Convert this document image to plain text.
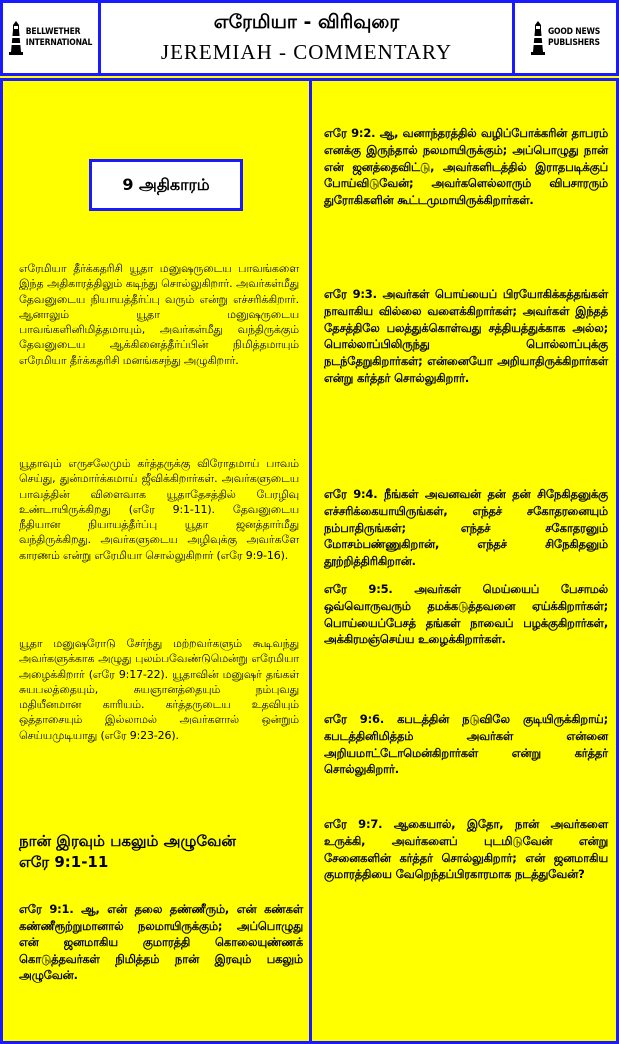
BELLWETHER
INTERNATIONAL
எரேமியா - விரிவுரை
JEREMIAH - COMMENTARY
GOOD NEWS
PUBLISHERS
9 அதிகாரம்
எரேமியா தீர்க்கதரிசி யூதா மனுஷருடைய பாவங்களை இந்த அதிகாரத்திலும் கடிந்து சொல்லுகிறார். அவர்கள்மீது தேவனுடைய நியாயத்தீர்ப்பு வரும் என்று எச்சரிக்கிறார். ஆனாலும் யூதா மனுஷருடைய பாவங்களினிமித்தமாயும், அவர்கள்மீது வந்திருக்கும் தேவனுடைய ஆக்கினைத்தீர்ப்பின் நிமித்தமாயும் எரேமியா தீர்க்கதரிசி மனங்கசந்து அழுகிறார்.
யூதாவும் எருசலேமும் கர்த்தருக்கு விரோதமாய் பாவம் செய்து, துன்மார்க்கமாய் ஜீவிக்கிறார்கள். அவர்களுடைய பாவத்தின் விளைவாக யூதாதேசத்தில் பேரழிவு உண்டாயிருக்கிறது (எரே 9:1-11). தேவனுடைய நீதியான நியாயத்தீர்ப்பு யூதா ஜனத்தார்மீது வந்திருக்கிறது. அவர்களுடைய அழிவுக்கு அவர்களே காரணம் என்று எரேமியா சொல்லுகிறார் (எரே 9:9-16).
யூதா மனுஷரோடு சேர்ந்து மற்றவர்களும் கூடிவந்து அவர்களுக்காக அழுது புலம்பவேண்டுமென்று எரேமியா அழைக்கிறார் (எரே 9:17-22). யூதாவின் மனுஷர் தங்கள் சுயபலத்தையும், சுயஞானத்தையும் நம்புவது மதியீனமான காரியம். கர்த்தருடைய உதவியும் ஒத்தாசையும் இல்லாமல் அவர்களால் ஒன்றும் செய்யமுடியாது (எரே 9:23-26).
நான் இரவும் பகலும் அழுவேன்
எரே 9:1-11
எரே 9:1. ஆ, என் தலை தண்ணீரும், என் கண்கள் கண்ணீரூற்றுமானால் நலமாயிருக்கும்; அப்பொழுது என் ஜனமாகிய குமாரத்தி கொலையுண்ணக் கொடுத்தவர்கள் நிமித்தம் நான் இரவும் பகலும் அழுவேன்.
எரே 9:2. ஆ, வனாந்தரத்தில் வழிப்போக்கரின் தாபரம் எனக்கு இருந்தால் நலமாயிருக்கும்; அப்பொழுது நான் என் ஜனத்தைவிட்டு, அவர்களிடத்தில் இராதபடிக்குப் போய்விடுவேன்; அவர்களெல்லாரும் விபசாரரும் துரோகிகளின் கூட்டமுமாயிருக்கிறார்கள்.
எரே 9:3. அவர்கள் பொய்யைப் பிரயோகிக்கத்தங்கள் நாவாகிய வில்லை வளைக்கிறார்கள்; அவர்கள் இந்தத் தேசத்திலே பலத்துக்கொள்வது சத்தியத்துக்காக அல்ல; பொல்லாப்பிலிருந்து பொல்லாப்புக்கு நடந்தேறுகிறார்கள்; என்னையோ அறியாதிருக்கிறார்கள் என்று கர்த்தர் சொல்லுகிறார்.
எரே 9:4. நீங்கள் அவனவன் தன் தன் சிநேகிதனுக்கு எச்சரிக்கையாயிருங்கள், எந்தச் சகோதரனையும் நம்பாதிருங்கள்; எந்தச் சகோதரனும் மோசம்பண்ணுகிறான், எந்தச் சிநேகிதனும் தூற்றித்திரிகிறான்.
எரே 9:5. அவர்கள் மெய்யைப் பேசாமல் ஒவ்வொருவரும் தமக்கடுத்தவனை ஏய்க்கிறார்கள்; பொய்யைப்பேசத் தங்கள் நாவைப் பழக்குகிறார்கள், அக்கிரமஞ்செய்ய உழைக்கிறார்கள்.
எரே 9:6. கபடத்தின் நடுவிலே குடியிருக்கிறாய்; கபடத்தினிமித்தம் அவர்கள் என்னை அறியமாட்டோமென்கிறார்கள் என்று கர்த்தர் சொல்லுகிறார்.
எரே 9:7. ஆகையால், இதோ, நான் அவர்களை உருக்கி, அவர்களைப் புடமிடுவேன் என்று சேனைகளின் கர்த்தர் சொல்லுகிறார்; என் ஜனமாகிய குமாரத்தியை வேறெந்தப்பிரகாரமாக நடத்துவேன்?
